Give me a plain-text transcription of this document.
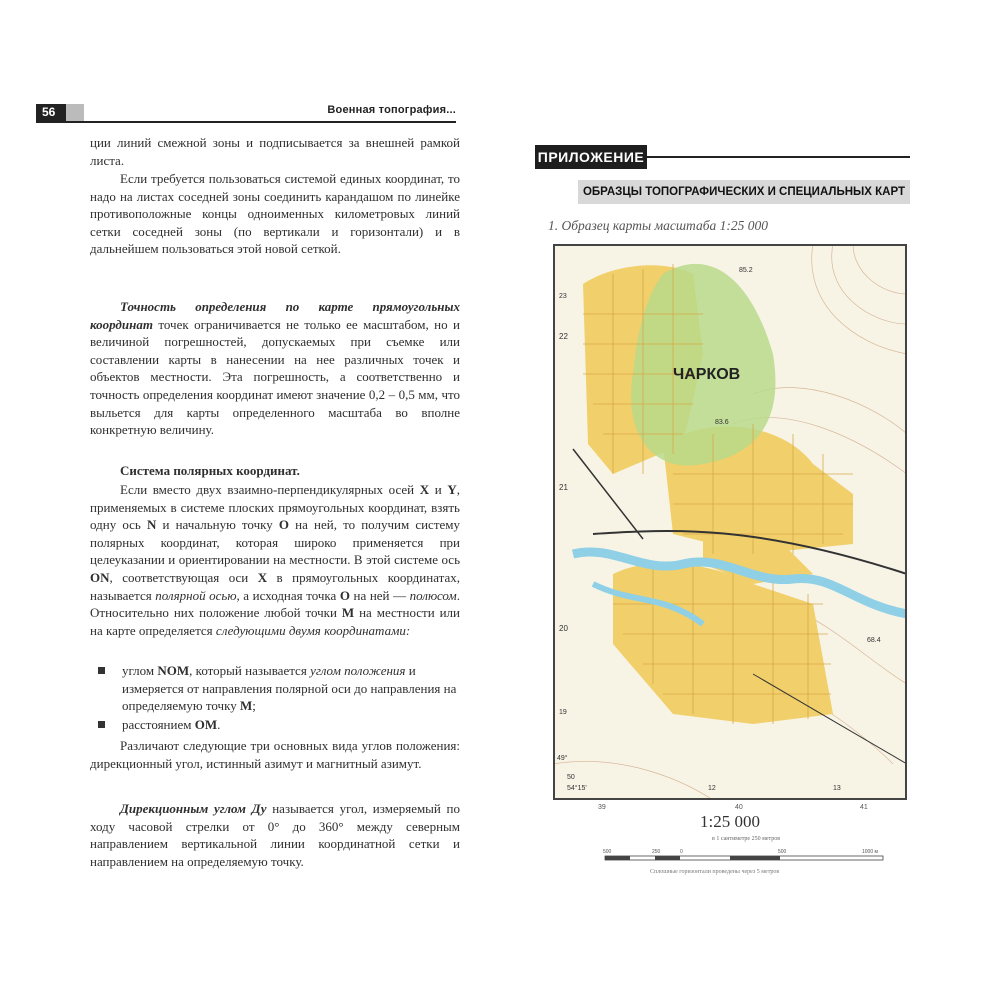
56	Военная топография...
ции линий смежной зоны и подписывается за внешней рамкой листа.
Если требуется пользоваться системой единых координат, то надо на листах соседней зоны соединить карандашом по линейке противоположные концы одноименных километровых линий сетки соседней зоны (по вертикали и горизонтали) и в дальнейшем пользоваться этой новой сеткой.
Точность определения по карте прямоугольных координат точек ограничивается не только ее масштабом, но и величиной погрешностей, допускаемых при съемке или составлении карты в нанесении на нее различных точек и объектов местности. Эта погрешность, а соответственно и точность определения координат имеют значение 0,2 – 0,5 мм, что выльется для карты определенного масштаба во вполне конкретную величину.
Система полярных координат.
Если вместо двух взаимно-перпендикулярных осей X и Y, применяемых в системе плоских прямоугольных координат, взять одну ось N и начальную точку O на ней, то получим систему полярных координат, которая широко применяется при целеуказании и ориентировании на местности. В этой системе ось ON, соответствующая оси X в прямоугольных координатах, называется полярной осью, а исходная точка O на ней — полюсом. Относительно них положение любой точки M на местности или на карте определяется следующими двумя координатами:
углом NOM, который называется углом положения и измеряется от направления полярной оси до направления на определяемую точку M;
расстоянием OM.
Различают следующие три основных вида углов положения: дирекционный угол, истинный азимут и магнитный азимут.
Дирекционным углом Ду называется угол, измеряемый по ходу часовой стрелки от 0° до 360° между северным направлением вертикальной линии координатной сетки и направлением на определяемую точку.
ПРИЛОЖЕНИЕ
ОБРАЗЦЫ ТОПОГРАФИЧЕСКИХ И СПЕЦИАЛЬНЫХ КАРТ
1. Образец карты масштаба 1:25 000
22
21
20
19
23
49°
50
54°15'	12	13
ЧАРКОВ
85.2
83.6
68.4
39	40	41
1:25 000
в 1 сантиметре 250 метров
500	250	0	500	1000 м
Сплошные горизонтали проведены через 5 метров
